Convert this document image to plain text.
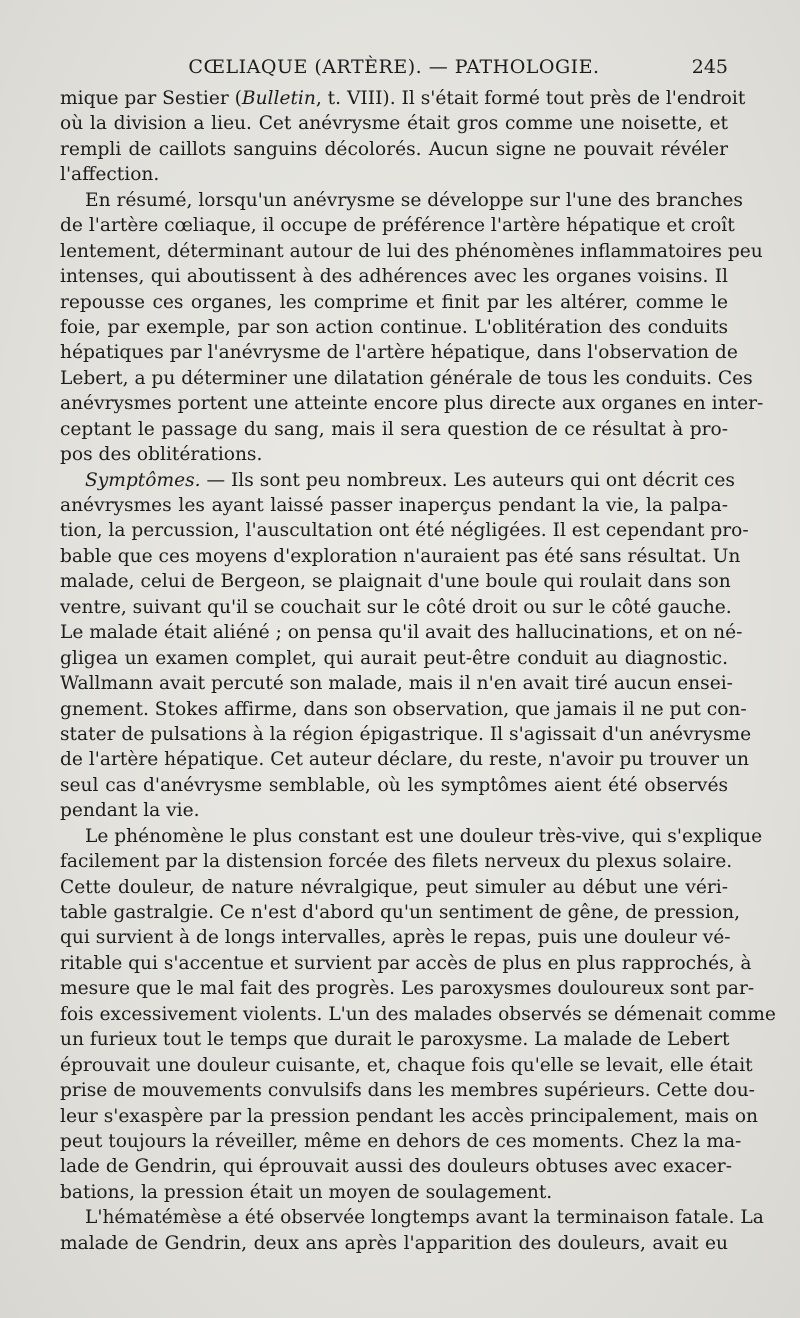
CŒLIAQUE (ARTÈRE). — PATHOLOGIE.	245
mique par Sestier (Bulletin, t. VIII). Il s'était formé tout près de l'endroit
où la division a lieu. Cet anévrysme était gros comme une noisette, et
rempli de caillots sanguins décolorés. Aucun signe ne pouvait révéler
l'affection.
En résumé, lorsqu'un anévrysme se développe sur l'une des branches
de l'artère cœliaque, il occupe de préférence l'artère hépatique et croît
lentement, déterminant autour de lui des phénomènes inflammatoires peu
intenses, qui aboutissent à des adhérences avec les organes voisins. Il
repousse ces organes, les comprime et finit par les altérer, comme le
foie, par exemple, par son action continue. L'oblitération des conduits
hépatiques par l'anévrysme de l'artère hépatique, dans l'observation de
Lebert, a pu déterminer une dilatation générale de tous les conduits. Ces
anévrysmes portent une atteinte encore plus directe aux organes en inter-
ceptant le passage du sang, mais il sera question de ce résultat à pro-
pos des oblitérations.
Symptômes. — Ils sont peu nombreux. Les auteurs qui ont décrit ces
anévrysmes les ayant laissé passer inaperçus pendant la vie, la palpa-
tion, la percussion, l'auscultation ont été négligées. Il est cependant pro-
bable que ces moyens d'exploration n'auraient pas été sans résultat. Un
malade, celui de Bergeon, se plaignait d'une boule qui roulait dans son
ventre, suivant qu'il se couchait sur le côté droit ou sur le côté gauche.
Le malade était aliéné ; on pensa qu'il avait des hallucinations, et on né-
gligea un examen complet, qui aurait peut-être conduit au diagnostic.
Wallmann avait percuté son malade, mais il n'en avait tiré aucun ensei-
gnement. Stokes affirme, dans son observation, que jamais il ne put con-
stater de pulsations à la région épigastrique. Il s'agissait d'un anévrysme
de l'artère hépatique. Cet auteur déclare, du reste, n'avoir pu trouver un
seul cas d'anévrysme semblable, où les symptômes aient été observés
pendant la vie.
Le phénomène le plus constant est une douleur très-vive, qui s'explique
facilement par la distension forcée des filets nerveux du plexus solaire.
Cette douleur, de nature névralgique, peut simuler au début une véri-
table gastralgie. Ce n'est d'abord qu'un sentiment de gêne, de pression,
qui survient à de longs intervalles, après le repas, puis une douleur vé-
ritable qui s'accentue et survient par accès de plus en plus rapprochés, à
mesure que le mal fait des progrès. Les paroxysmes douloureux sont par-
fois excessivement violents. L'un des malades observés se démenait comme
un furieux tout le temps que durait le paroxysme. La malade de Lebert
éprouvait une douleur cuisante, et, chaque fois qu'elle se levait, elle était
prise de mouvements convulsifs dans les membres supérieurs. Cette dou-
leur s'exaspère par la pression pendant les accès principalement, mais on
peut toujours la réveiller, même en dehors de ces moments. Chez la ma-
lade de Gendrin, qui éprouvait aussi des douleurs obtuses avec exacer-
bations, la pression était un moyen de soulagement.
L'hématémèse a été observée longtemps avant la terminaison fatale. La
malade de Gendrin, deux ans après l'apparition des douleurs, avait eu
